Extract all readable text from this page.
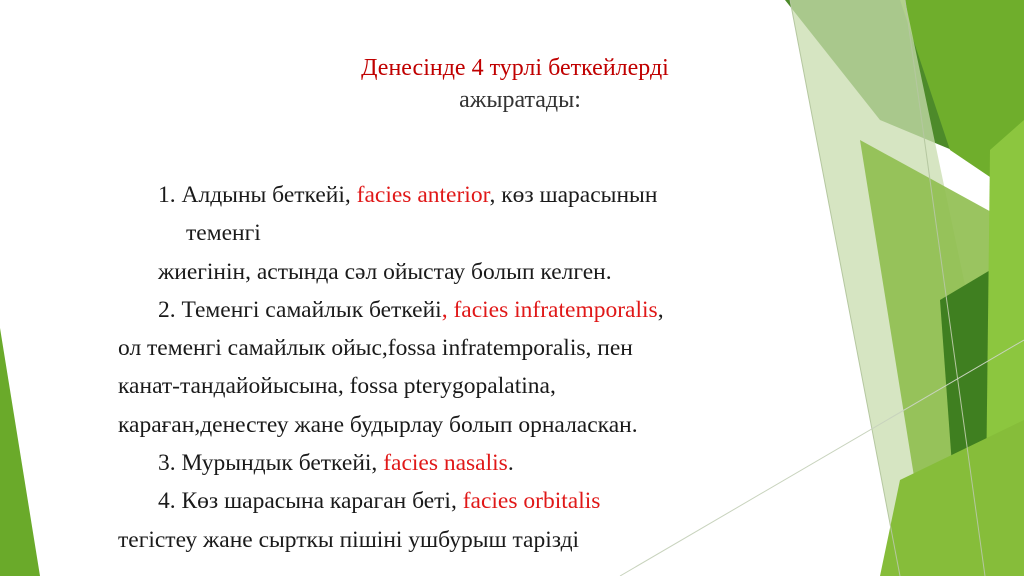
Денесінде 4 турлі беткейлерді
ажыратады:
1. Алдыны беткейі, facies anterior, көз шарасынын
теменгі
жиегінін, астында сәл ойыстау болып келген.
2. Теменгі самайлык беткейі, facies infratemporalis,
ол теменгі самайлык ойыс,fossa infratemporalis, пен
канат-тандайойысына, fossa pterygopalatina,
караған,денестеу жане будырлау болып орналаскан.
3. Мурындык беткейі, facies nasalis.
4. Көз шарасына караган беті, facies orbitalis
тегістеу жане сырткы пішіні ушбурыш тарізді
